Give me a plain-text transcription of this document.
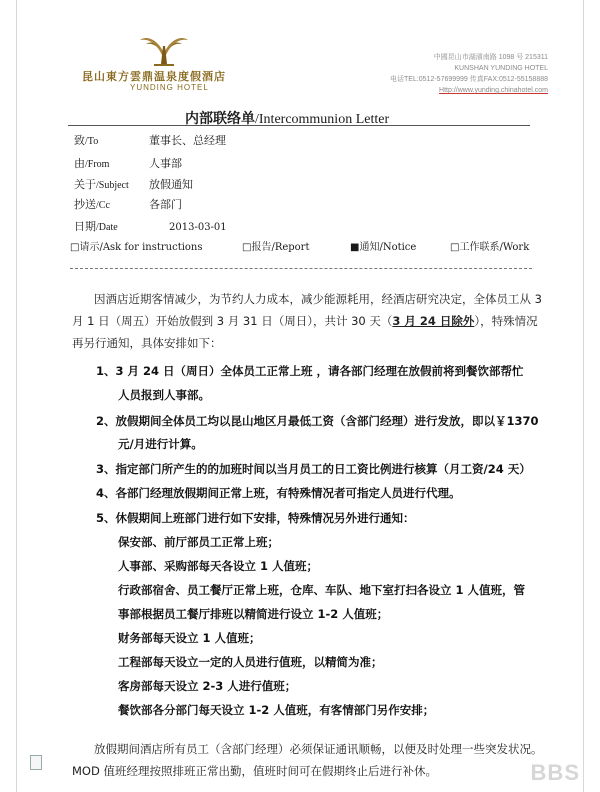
昆山東方雲鼎温泉度假酒店
YUNDING HOTEL
中國昆山市湖濱南路 1098 号 215311
KUNSHAN YUNDING HOTEL
电话TEL:0512-57699999 传真FAX:0512-55158888
Http://www.yunding.chinahotel.com
内部联络单/Intercommunion Letter
致/To	董事长、总经理
由/From	人事部
关于/Subject 放假通知
抄送/Cc	各部门
日期/Date	2013-03-01
□请示/Ask for instructions	□报告/Report	■通知/Notice	□工作联系/Work
因酒店近期客情减少，为节约人力成本，减少能源耗用，经酒店研究决定，全体员工从 3 月 1 日（周五）开始放假到 3 月 31 日（周日），共计 30 天（3 月 24 日除外），特殊情况再另行通知，具体安排如下：
1、3 月 24 日（周日）全体员工正常上班 ，请各部门经理在放假前将到餐饮部帮忙
人员报到人事部。
2、放假期间全体员工均以昆山地区月最低工资（含部门经理）进行发放，即以￥1370
元/月进行计算。
3、指定部门所产生的的加班时间以当月员工的日工资比例进行核算（月工资/24 天）
4、各部门经理放假期间正常上班，有特殊情况者可指定人员进行代理。
5、休假期间上班部门进行如下安排，特殊情况另外进行通知：
保安部、前厅部员工正常上班；
人事部、采购部每天各设立 1 人值班；
行政部宿舍、员工餐厅正常上班，仓库、车队、地下室打扫各设立 1 人值班，管
事部根据员工餐厅排班以精简进行设立 1-2 人值班；
财务部每天设立 1 人值班；
工程部每天设立一定的人员进行值班，以精简为准；
客房部每天设立 2-3 人进行值班；
餐饮部各分部门每天设立 1-2 人值班，有客情部门另作安排；
放假期间酒店所有员工（含部门经理）必须保证通讯顺畅，以便及时处理一些突发状况。MOD 值班经理按照排班正常出勤，值班时间可在假期终止后进行补休。	BBS
